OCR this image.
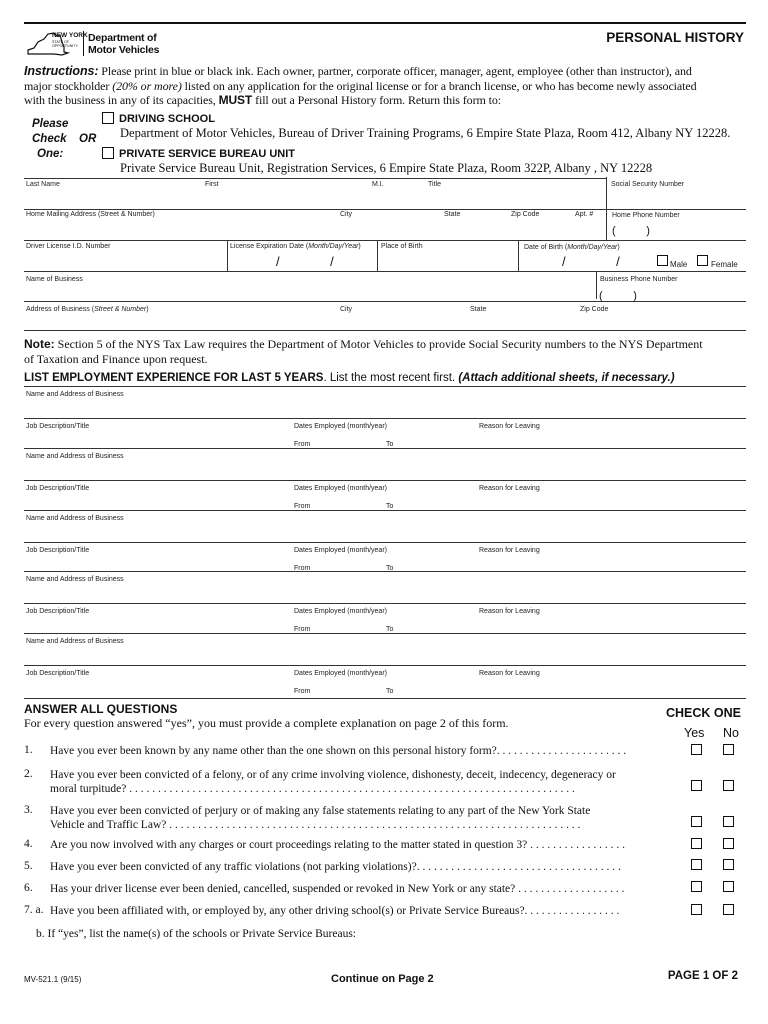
NEW YORK
STATE OF OPPORTUNITY.
Department of
Motor Vehicles
PERSONAL HISTORY
Instructions: Please print in blue or black ink. Each owner, partner, corporate officer, manager, agent, employee (other than instructor), and
major stockholder (20% or more) listed on any application for the original license or for a branch license, or who has become newly associated
with the business in any of its capacities, MUST fill out a Personal History form. Return this form to:
Please
Check OR
One:
DRIVING SCHOOL
Department of Motor Vehicles, Bureau of Driver Training Programs, 6 Empire State Plaza, Room 412, Albany NY 12228.
PRIVATE SERVICE BUREAU UNIT
Private Service Bureau Unit, Registration Services, 6 Empire State Plaza, Room 322P, Albany , NY 12228
Last Name	First	M.I.	Title	Social Security Number
Home Mailing Address (Street & Number)	City	State	Zip Code	Apt. #	Home Phone Number
(          )
Driver License I.D. Number	License Expiration Date (Month/Day/Year)
/              /
Place of Birth	Date of Birth (Month/Day/Year)
/              /	Male	Female
Name of Business	Business Phone Number
(          )
Address of Business (Street & Number)	City	State	Zip Code
Note: Section 5 of the NYS Tax Law requires the Department of Motor Vehicles to provide Social Security numbers to the NYS Department
of Taxation and Finance upon request.
LIST EMPLOYMENT EXPERIENCE FOR LAST 5 YEARS. List the most recent first. (Attach additional sheets, if necessary.)
Name and Address of Business
Job Description/Title	Dates Employed (month/year)	Reason for Leaving
From	To
Name and Address of Business
Job Description/Title	Dates Employed (month/year)	Reason for Leaving
From	To
Name and Address of Business
Job Description/Title	Dates Employed (month/year)	Reason for Leaving
From	To
Name and Address of Business
Job Description/Title	Dates Employed (month/year)	Reason for Leaving
From	To
Name and Address of Business
Job Description/Title	Dates Employed (month/year)	Reason for Leaving
From	To
ANSWER ALL QUESTIONS
For every question answered “yes”, you must provide a complete explanation on page 2 of this form.
CHECK ONE
Yes No
1. Have you ever been known by any name other than the one shown on this personal history form?. . . . . . . . . . . . . . . . . . . . . . .
2. Have you ever been convicted of a felony, or of any crime involving violence, dishonesty, deceit, indecency, degeneracy or
moral turpitude? . . . . . . . . . . . . . . . . . . . . . . . . . . . . . . . . . . . . . . . . . . . . . . . . . . . . . . . . . . . . . . . . . . . . . . . . . . . . . .
3. Have you ever been convicted of perjury or of making any false statements relating to any part of the New York State
Vehicle and Traffic Law? . . . . . . . . . . . . . . . . . . . . . . . . . . . . . . . . . . . . . . . . . . . . . . . . . . . . . . . . . . . . . . . . . . . . . . . .
4. Are you now involved with any charges or court proceedings relating to the matter stated in question 3? . . . . . . . . . . . . . . . . .
5. Have you ever been convicted of any traffic violations (not parking violations)?. . . . . . . . . . . . . . . . . . . . . . . . . . . . . . . . . . . .
6. Has your driver license ever been denied, cancelled, suspended or revoked in New York or any state? . . . . . . . . . . . . . . . . . . .
7. a. Have you been affiliated with, or employed by, any other driving school(s) or Private Service Bureaus?. . . . . . . . . . . . . . . . .
b. If “yes”, list the name(s) of the schools or Private Service Bureaus:
MV-521.1 (9/15)	Continue on Page 2	PAGE 1 OF 2
